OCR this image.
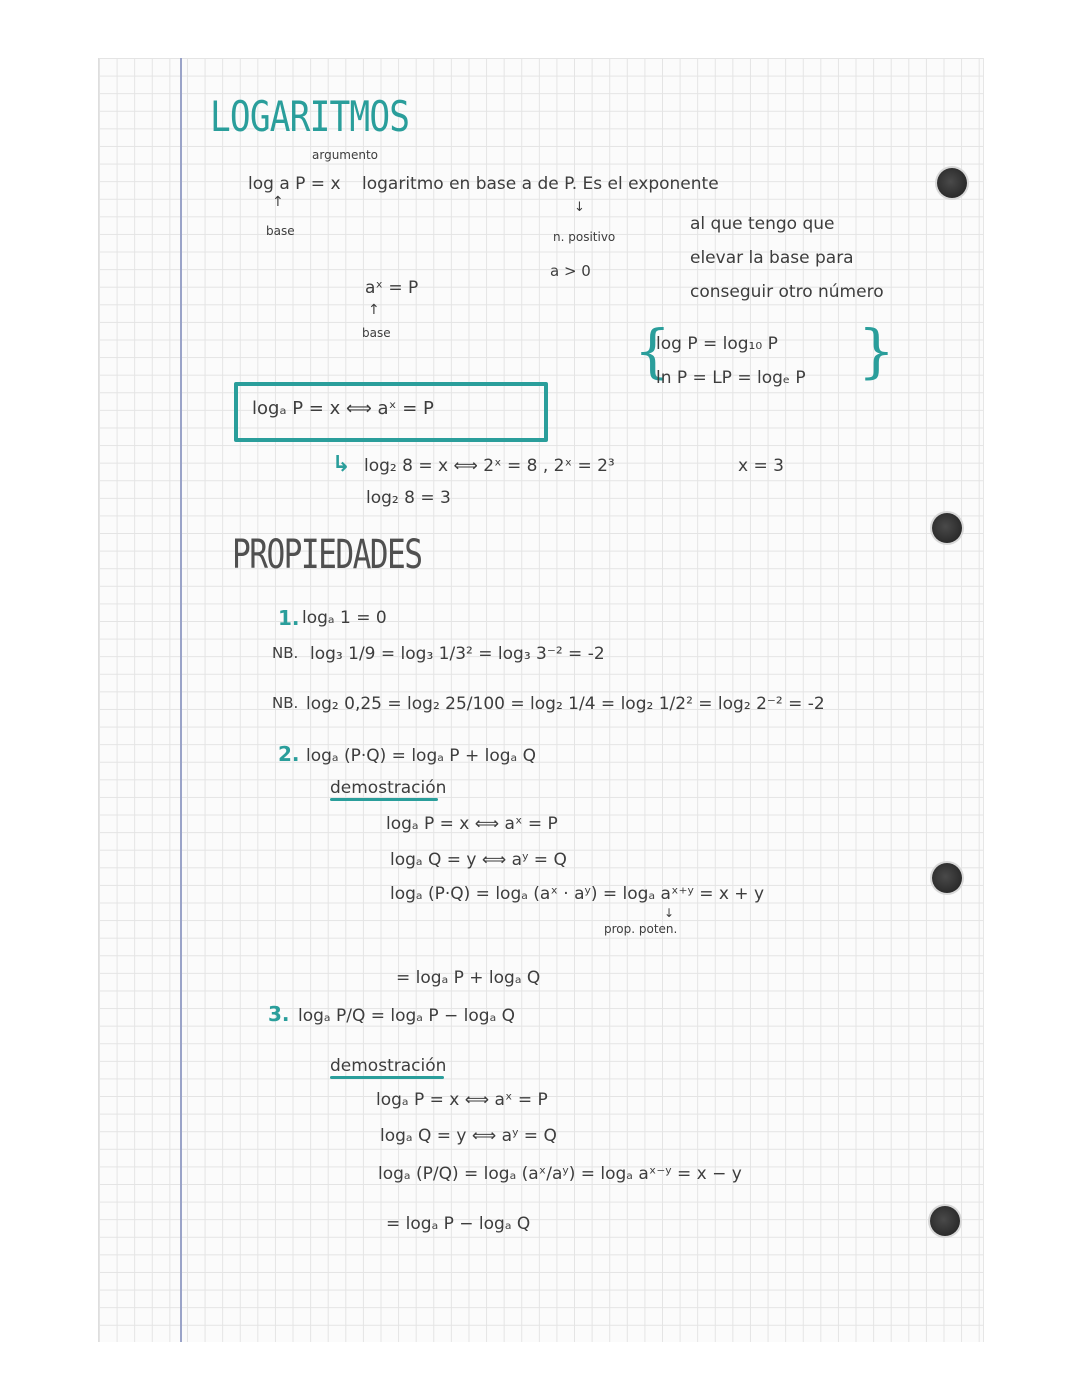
LOGARITMOS
argumento
log a P = x
↑
base
logaritmo en base a de P. Es el exponente
↓
n. positivo
a > 0
al que tengo que
elevar la base para
conseguir otro número
aˣ = P
↑
base	{
log P = log₁₀ P
ln P = LP = logₑ P }
logₐ P = x ⟺ aˣ = P
↳ log₂ 8 = x ⟺ 2ˣ = 8 , 2ˣ = 2³	x = 3
log₂ 8 = 3
PROPIEDADES
1. logₐ 1 = 0
NB. log₃ 1/9 = log₃ 1/3² = log₃ 3⁻² = -2
NB. log₂ 0,25 = log₂ 25/100 = log₂ 1/4 = log₂ 1/2² = log₂ 2⁻² = -2
2. logₐ (P·Q) = logₐ P + logₐ Q
demostración
logₐ P = x ⟺ aˣ = P
logₐ Q = y ⟺ aʸ = Q
logₐ (P·Q) = logₐ (aˣ · aʸ) = logₐ aˣ⁺ʸ = x + y
↓
prop. poten.
= logₐ P + logₐ Q
3. logₐ P/Q = logₐ P − logₐ Q
demostración
logₐ P = x ⟺ aˣ = P
logₐ Q = y ⟺ aʸ = Q
logₐ (P/Q) = logₐ (aˣ/aʸ) = logₐ aˣ⁻ʸ = x − y
= logₐ P − logₐ Q
